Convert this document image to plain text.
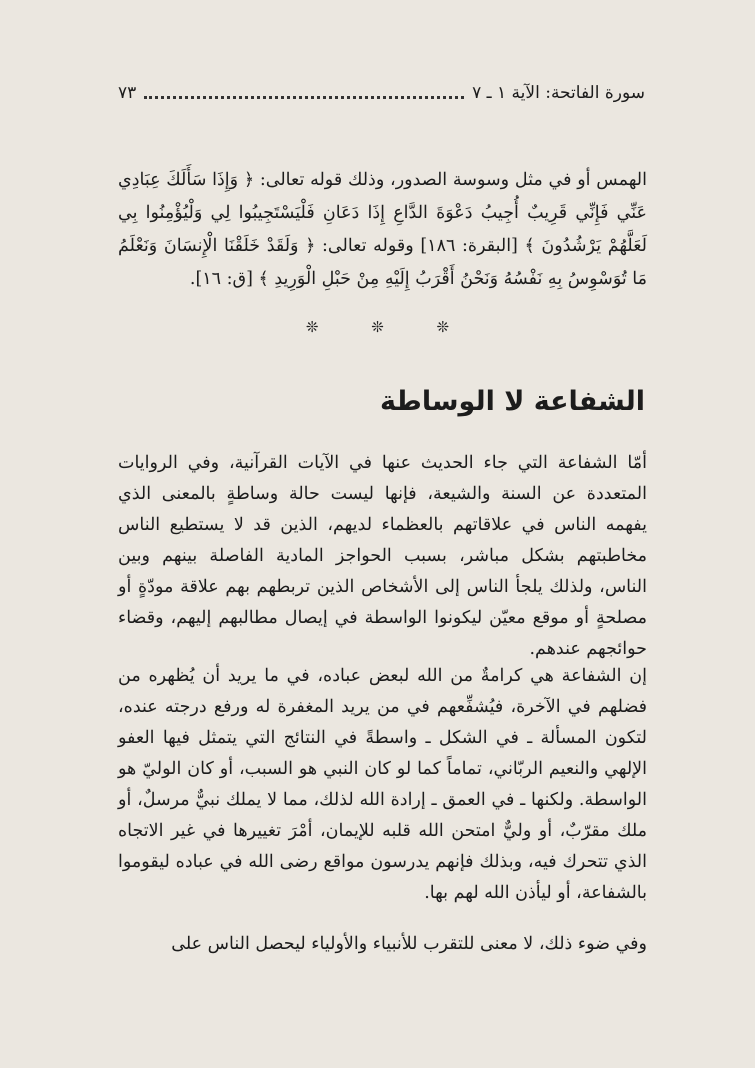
سورة الفاتحة: الآية ١ ـ ٧
٧٣
الهمس أو في مثل وسوسة الصدور، وذلك قوله تعالى: ﴿ وَإِذَا سَأَلَكَ عِبَادِي عَنِّي فَإِنِّي قَرِيبٌ أُجِيبُ دَعْوَةَ الدَّاعِ إِذَا دَعَانِ فَلْيَسْتَجِيبُوا لِي وَلْيُؤْمِنُوا بِي لَعَلَّهُمْ يَرْشُدُونَ ﴾ [البقرة: ١٨٦] وقوله تعالى: ﴿ وَلَقَدْ خَلَقْنَا الْإِنسَانَ وَنَعْلَمُ مَا تُوَسْوِسُ بِهِ نَفْسُهُ وَنَحْنُ أَقْرَبُ إِلَيْهِ مِنْ حَبْلِ الْوَرِيدِ ﴾ [ق: ١٦].
❊ ❊ ❊
الشفاعة لا الوساطة
أمّا الشفاعة التي جاء الحديث عنها في الآيات القرآنية، وفي الروايات المتعددة عن السنة والشيعة، فإنها ليست حالة وساطةٍ بالمعنى الذي يفهمه الناس في علاقاتهم بالعظماء لديهم، الذين قد لا يستطيع الناس مخاطبتهم بشكل مباشر، بسبب الحواجز المادية الفاصلة بينهم وبين الناس، ولذلك يلجأ الناس إلى الأشخاص الذين تربطهم بهم علاقة مودّةٍ أو مصلحةٍ أو موقع معيّن ليكونوا الواسطة في إيصال مطالبهم إليهم، وقضاء حوائجهم عندهم.
إن الشفاعة هي كرامةٌ من الله لبعض عباده، في ما يريد أن يُظهره من فضلهم في الآخرة، فيُشفِّعهم في من يريد المغفرة له ورفع درجته عنده، لتكون المسألة ـ في الشكل ـ واسطةً في النتائج التي يتمثل فيها العفو الإلهي والنعيم الربّاني، تماماً كما لو كان النبي هو السبب، أو كان الوليّ هو الواسطة. ولكنها ـ في العمق ـ إرادة الله لذلك، مما لا يملك نبيٌّ مرسلٌ، أو ملك مقرّبٌ، أو وليٌّ امتحن الله قلبه للإيمان، أمْرَ تغييرها في غير الاتجاه الذي تتحرك فيه، وبذلك فإنهم يدرسون مواقع رضى الله في عباده ليقوموا بالشفاعة، أو ليأذن الله لهم بها.
وفي ضوء ذلك، لا معنى للتقرب للأنبياء والأولياء ليحصل الناس على
